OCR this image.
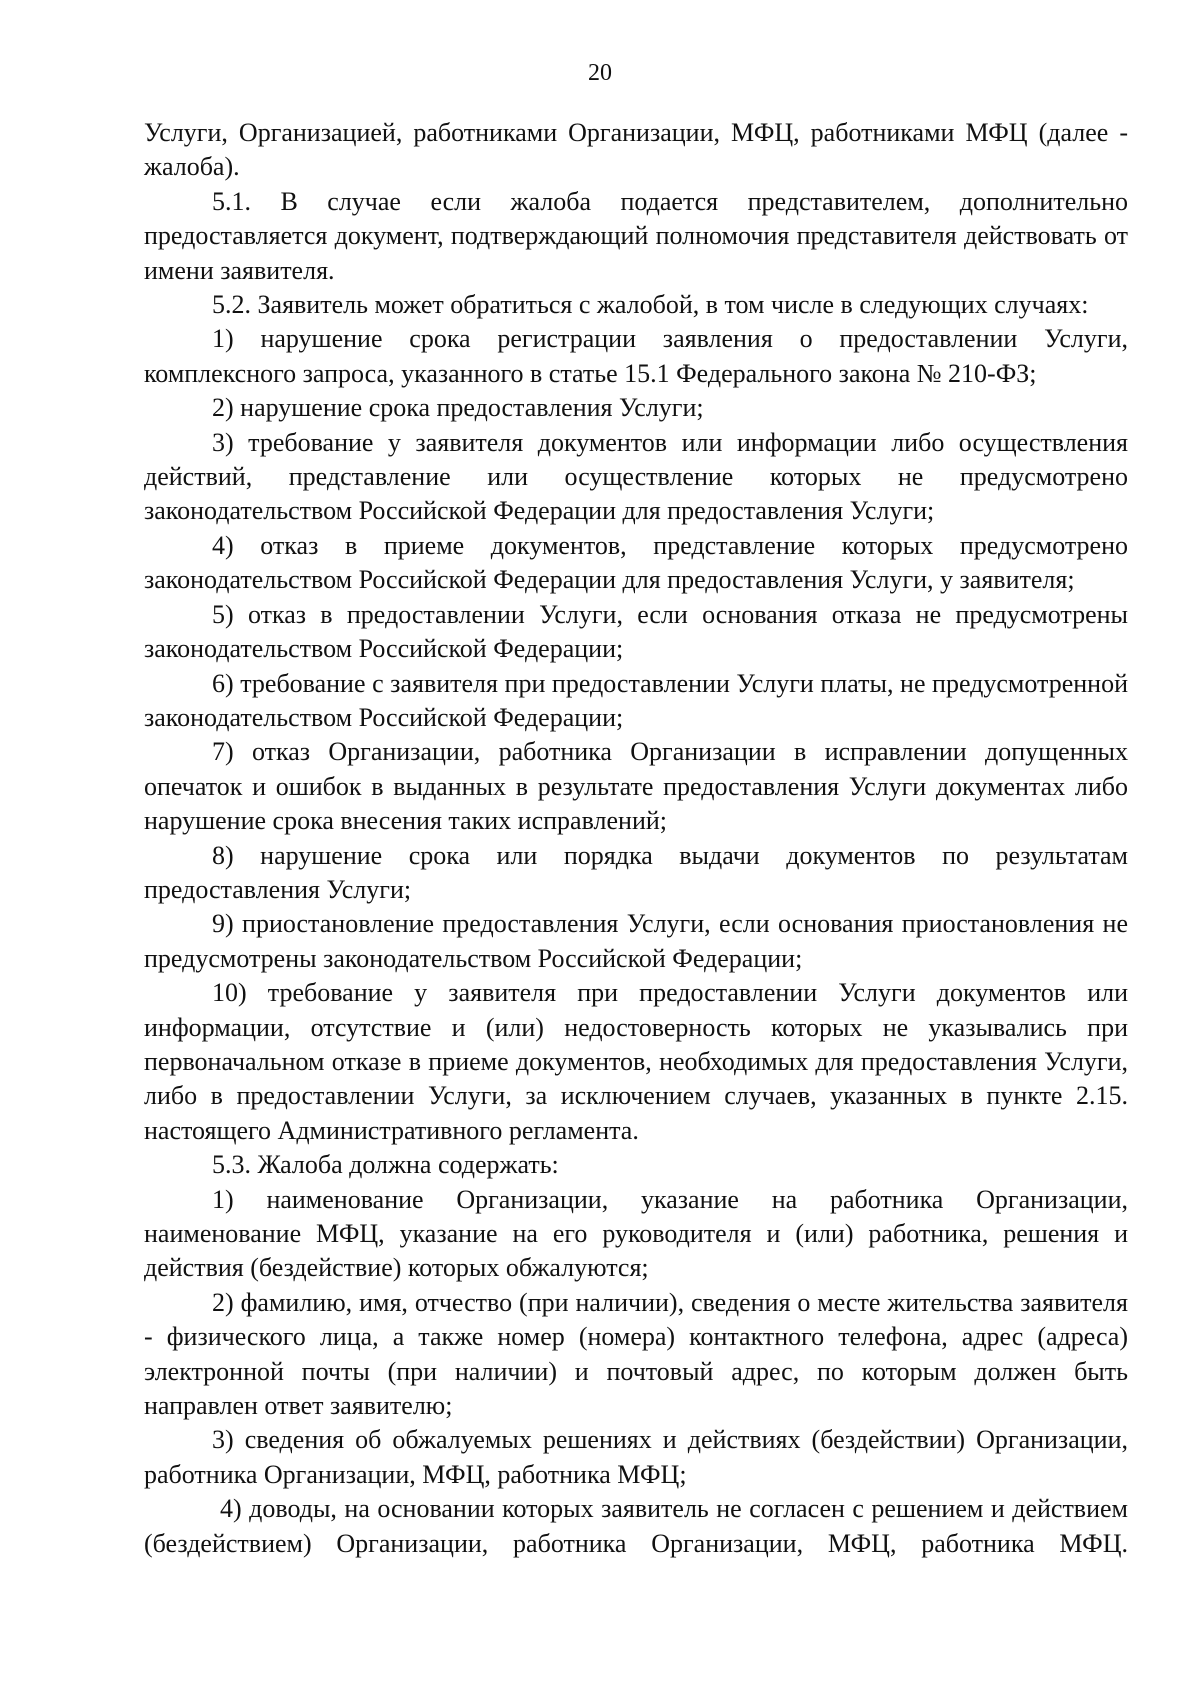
20

Услуги, Организацией, работниками Организации, МФЦ, работниками МФЦ (далее - жалоба).

5.1. В случае если жалоба подается представителем, дополнительно предоставляется документ, подтверждающий полномочия представителя действовать от имени заявителя.

5.2. Заявитель может обратиться с жалобой, в том числе в следующих случаях:

1) нарушение срока регистрации заявления о предоставлении Услуги, комплексного запроса, указанного в статье 15.1 Федерального закона № 210-ФЗ;

2) нарушение срока предоставления Услуги;

3) требование у заявителя документов или информации либо осуществления действий, представление или осуществление которых не предусмотрено законодательством Российской Федерации для предоставления Услуги;

4) отказ в приеме документов, представление которых предусмотрено законодательством Российской Федерации для предоставления Услуги, у заявителя;

5) отказ в предоставлении Услуги, если основания отказа не предусмотрены законодательством Российской Федерации;

6) требование с заявителя при предоставлении Услуги платы, не предусмотренной законодательством Российской Федерации;

7) отказ Организации, работника Организации в исправлении допущенных опечаток и ошибок в выданных в результате предоставления Услуги документах либо нарушение срока внесения таких исправлений;

8) нарушение срока или порядка выдачи документов по результатам предоставления Услуги;

9) приостановление предоставления Услуги, если основания приостановления не предусмотрены законодательством Российской Федерации;

10) требование у заявителя при предоставлении Услуги документов или информации, отсутствие и (или) недостоверность которых не указывались при первоначальном отказе в приеме документов, необходимых для предоставления Услуги, либо в предоставлении Услуги, за исключением случаев, указанных в пункте 2.15. настоящего Административного регламента.

5.3. Жалоба должна содержать:

1) наименование Организации, указание на работника Организации, наименование МФЦ, указание на его руководителя и (или) работника, решения и действия (бездействие) которых обжалуются;

2) фамилию, имя, отчество (при наличии), сведения о месте жительства заявителя - физического лица, а также номер (номера) контактного телефона, адрес (адреса) электронной почты (при наличии) и почтовый адрес, по которым должен быть направлен ответ заявителю;

3) сведения об обжалуемых решениях и действиях (бездействии) Организации, работника Организации, МФЦ, работника МФЦ;

4) доводы, на основании которых заявитель не согласен с решением и действием (бездействием) Организации, работника Организации, МФЦ, работника МФЦ.
